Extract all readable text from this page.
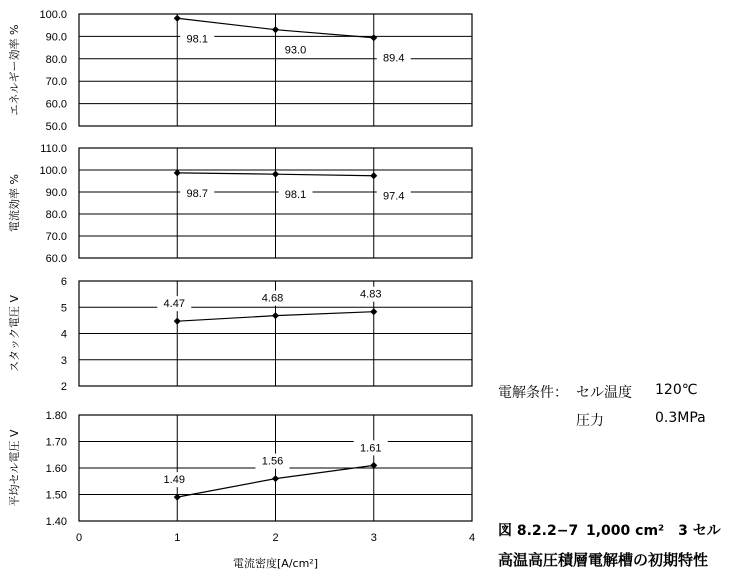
50.0
60.0
70.0
80.0
90.0
100.0
エネルギー効率 %	98.1
93.0
89.4
60.0
70.0
80.0
90.0
100.0
110.0
電流効率 %	98.7	98.1	97.4
2
3
4
5
6
スタック電圧 V	4.47	4.68	4.83
1.40
1.50
1.60
1.70
1.80
平均セル電圧 V	1.49
1.56
1.61
0	1	2	3	4
電流密度[A/cm²]
電解条件： セル温度 120℃
圧力	0.3MPa
図 8.2.2−7 1,000 cm²　3 セル
高温高圧積層電解槽の初期特性
